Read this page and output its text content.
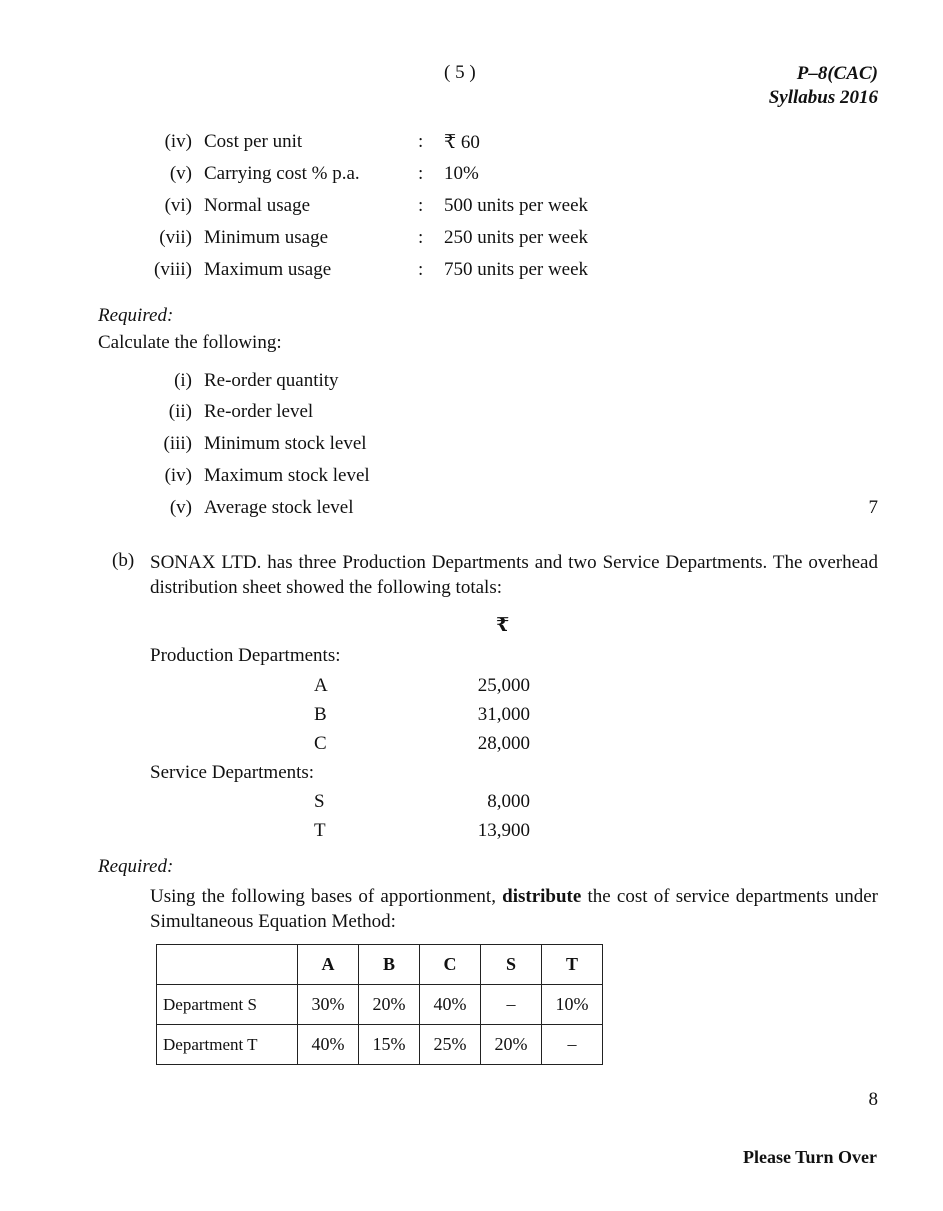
( 5 )	P–8(CAC)
Syllabus 2016
(iv) Cost per unit	: ₹ 60
(v) Carrying cost % p.a.	: 10%
(vi) Normal usage	: 500 units per week
(vii) Minimum usage	: 250 units per week
(viii) Maximum usage	: 750 units per week
Required:
Calculate the following:
(i) Re-order quantity
(ii) Re-order level
(iii) Minimum stock level
(iv) Maximum stock level
(v) Average stock level	7
(b) SONAX LTD. has three Production Departments and two Service Departments. The overhead distribution sheet showed the following totals:
₹
Production Departments:
A	25,000
B	31,000
C	28,000
Service Departments:
S	8,000
T	13,900
Required:
Using the following bases of apportionment, distribute the cost of service departments under Simultaneous Equation Method:
	A	B	C	S	T
Department S	30%	20%	40%	–	10%
Department T	40%	15%	25%	20%	–
8
Please Turn Over
